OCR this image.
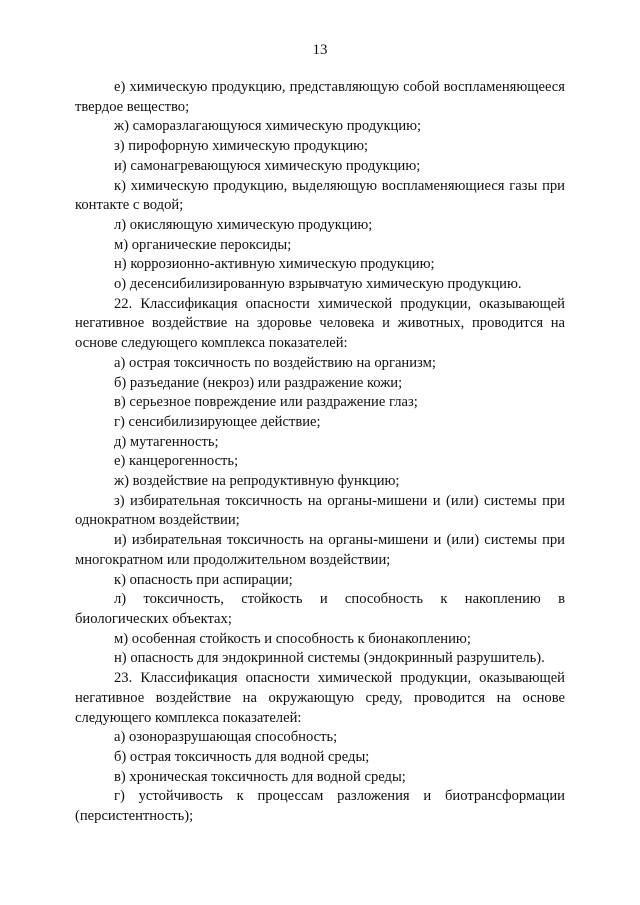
13

е) химическую продукцию, представляющую собой воспламеняющееся твердое вещество;

ж) саморазлагающуюся химическую продукцию;

з) пирофорную химическую продукцию;

и) самонагревающуюся химическую продукцию;

к) химическую продукцию, выделяющую воспламеняющиеся газы при контакте с водой;

л) окисляющую химическую продукцию;

м) органические пероксиды;

н) коррозионно-активную химическую продукцию;

о) десенсибилизированную взрывчатую химическую продукцию.

22. Классификация опасности химической продукции, оказывающей негативное воздействие на здоровье человека и животных, проводится на основе следующего комплекса показателей:

а) острая токсичность по воздействию на организм;

б) разъедание (некроз) или раздражение кожи;

в) серьезное повреждение или раздражение глаз;

г) сенсибилизирующее действие;

д) мутагенность;

е) канцерогенность;

ж) воздействие на репродуктивную функцию;

з) избирательная токсичность на органы-мишени и (или) системы при однократном воздействии;

и) избирательная токсичность на органы-мишени и (или) системы при многократном или продолжительном воздействии;

к) опасность при аспирации;

л) токсичность, стойкость и способность к накоплению в биологических объектах;

м) особенная стойкость и способность к бионакоплению;

н) опасность для эндокринной системы (эндокринный разрушитель).

23. Классификация опасности химической продукции, оказывающей негативное воздействие на окружающую среду, проводится на основе следующего комплекса показателей:

а) озоноразрушающая способность;

б) острая токсичность для водной среды;

в) хроническая токсичность для водной среды;

г) устойчивость к процессам разложения и биотрансформации (персистентность);
